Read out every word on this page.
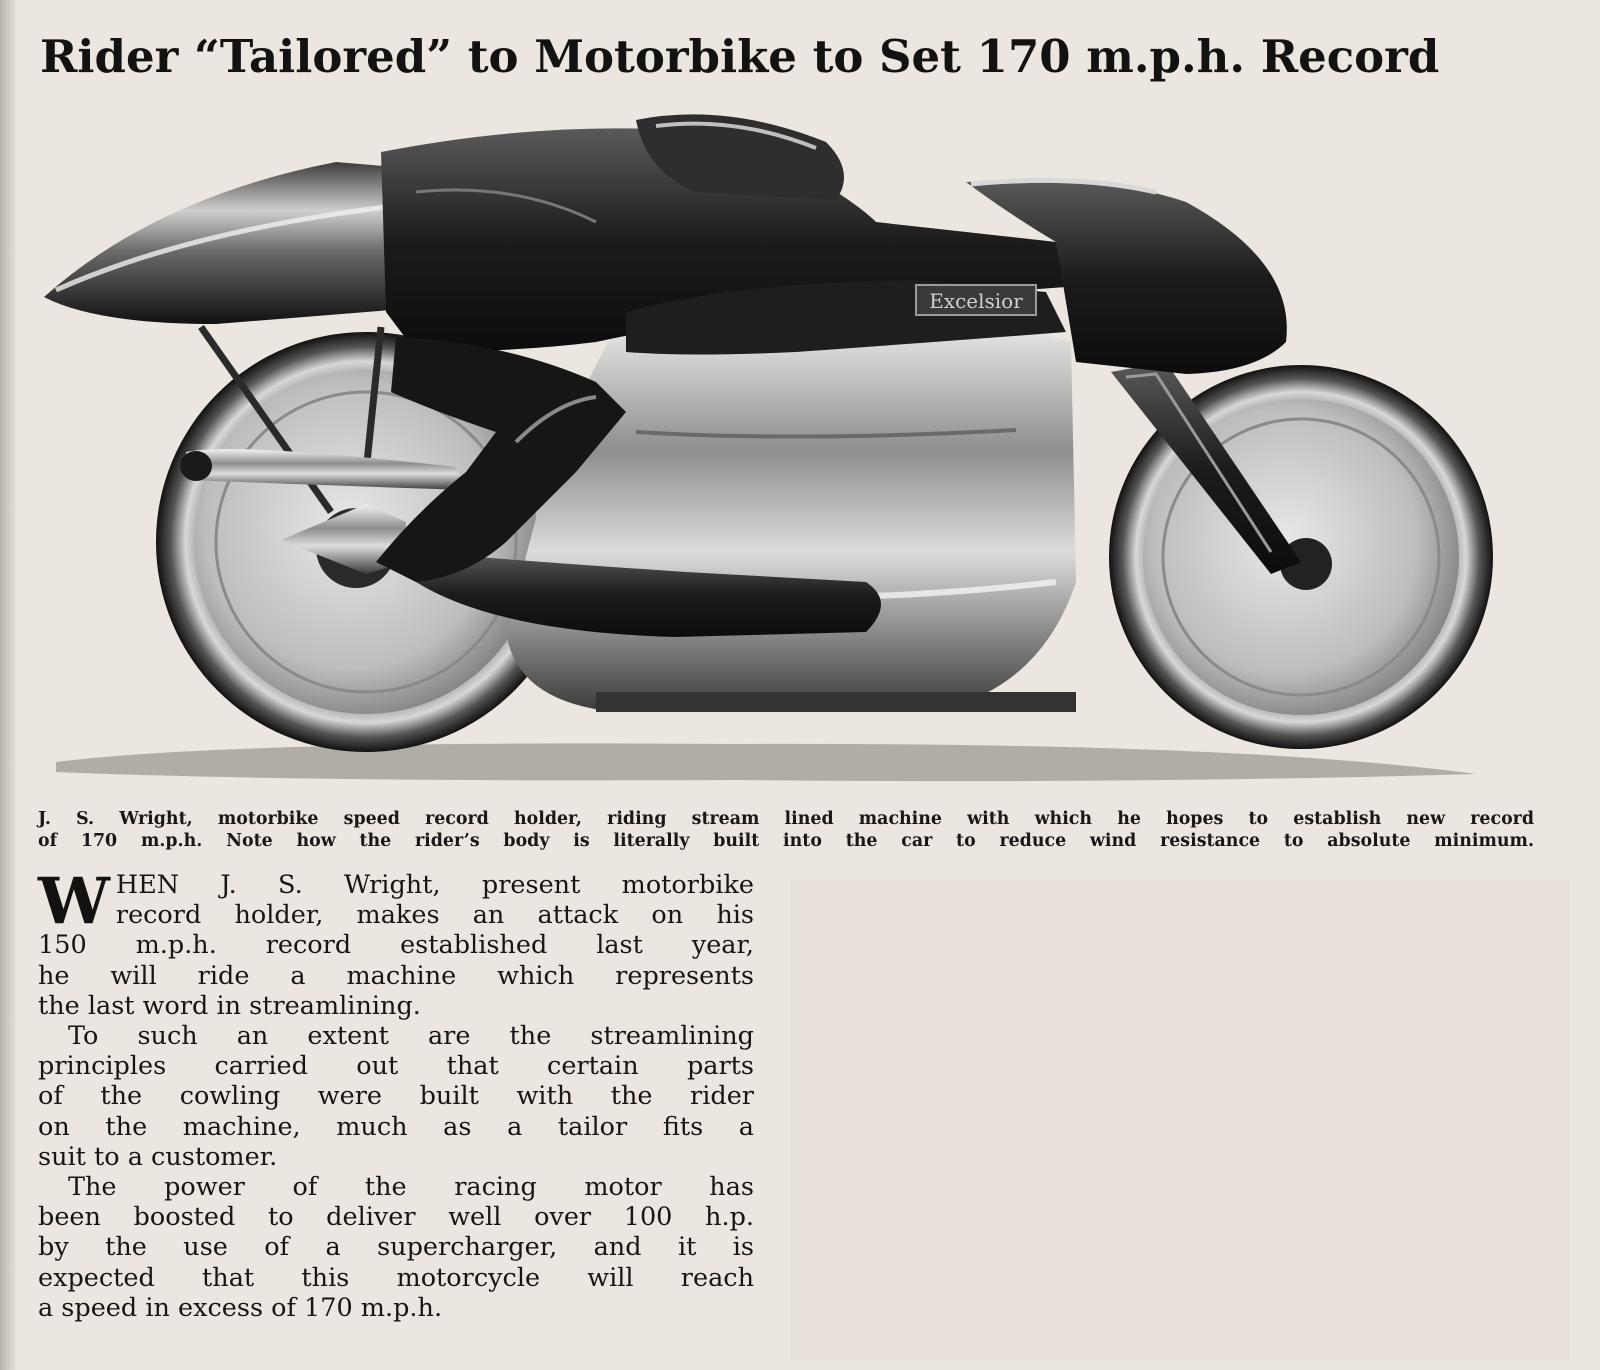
Rider “Tailored” to Motorbike to Set 170 m.p.h. Record
Excelsior

J. S. Wright, motorbike speed record holder, riding stream lined machine with which he hopes to establish new record
of 170 m.p.h. Note how the rider’s body is literally built into the car to reduce wind resistance to absolute minimum.

W HEN J. S. Wright, present motorbike
record holder, makes an attack on his
150 m.p.h. record established last year,
he will ride a machine which represents
the last word in streamlining.

To such an extent are the streamlining
principles carried out that certain parts
of the cowling were built with the rider
on the machine, much as a tailor fits a
suit to a customer.

The power of the racing motor has
been boosted to deliver well over 100 h.p.
by the use of a supercharger, and it is
expected that this motorcycle will reach
a speed in excess of 170 m.p.h.
